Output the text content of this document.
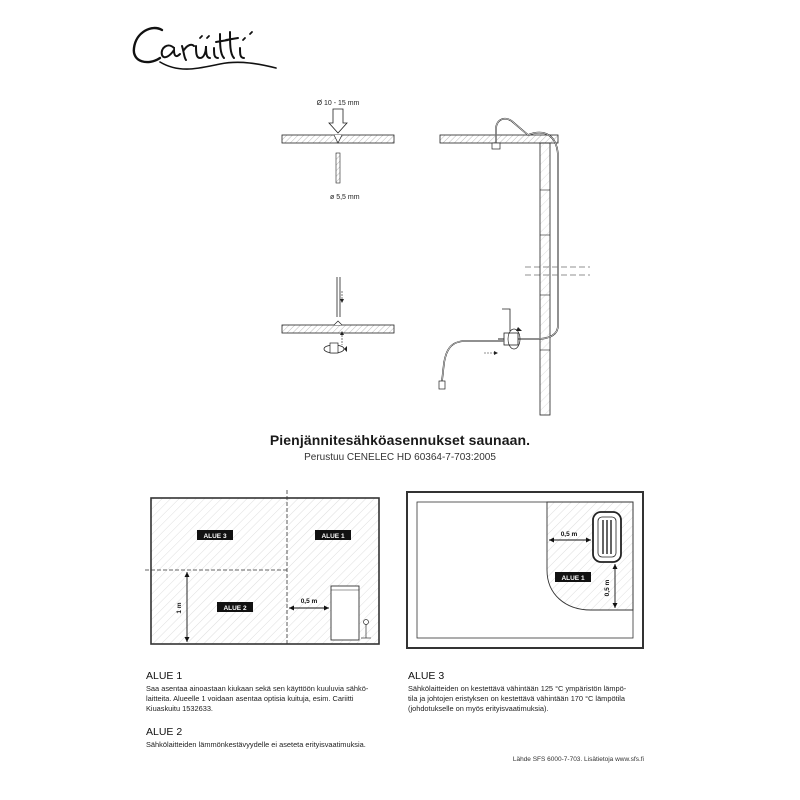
Ø 10 - 15 mm
ø 5,5 mm
Pienjännitesähköasennukset saunaan.
Perustuu CENELEC HD 60364-7-703:2005
ALUE 3	ALUE 1
ALUE 2
0,5 m
1 m
0,5 m
0,5 m
ALUE 1
ALUE 1
Saa asentaa ainoastaan kiukaan sekä sen käyttöön kuuluvia sähkö-
laitteita. Alueelle 1 voidaan asentaa optisia kuituja, esim. Cariitti
Kiuaskuitu 1532633.
ALUE 2
Sähkölaitteiden lämmönkestävyydelle ei aseteta erityisvaatimuksia.
ALUE 3
Sähkölaitteiden on kestettävä vähintään 125 °C ympäristön lämpö-
tila ja johtojen eristyksen on kestettävä vähintään 170 °C lämpötila
(johdotukselle on myös erityisvaatimuksia).
Lähde SFS 6000-7-703. Lisätietoja www.sfs.fi
